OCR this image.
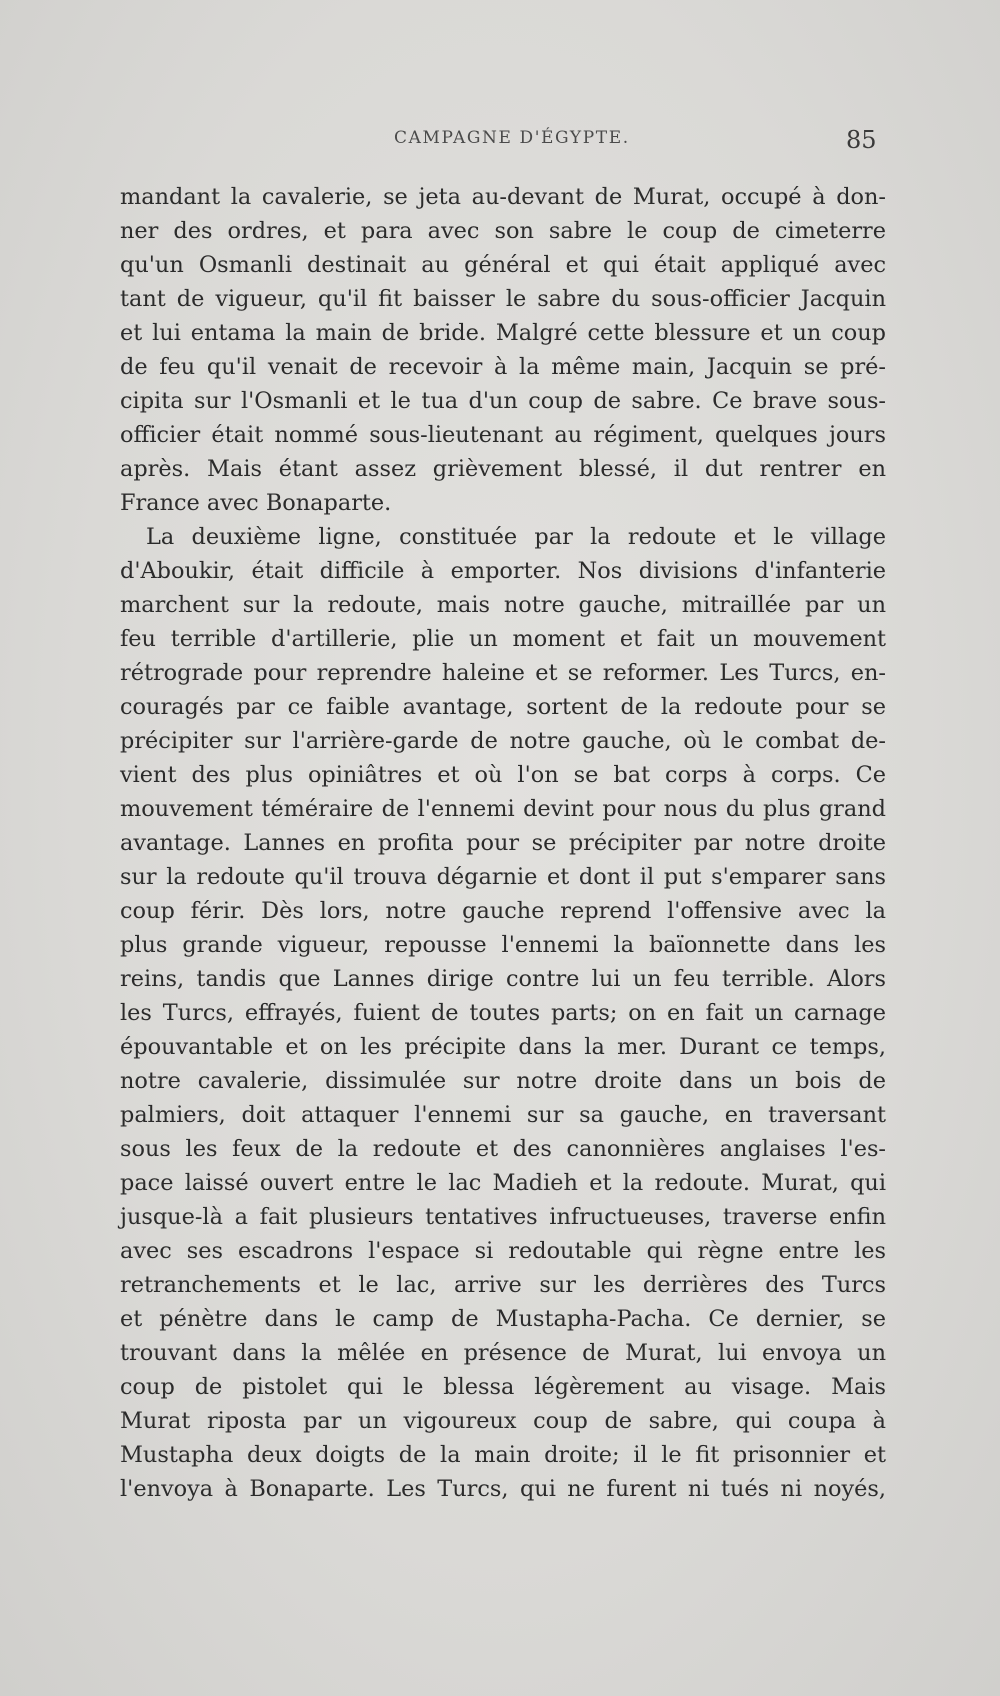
CAMPAGNE D'ÉGYPTE.	85
mandant la cavalerie, se jeta au-devant de Murat, occupé à don-
ner des ordres, et para avec son sabre le coup de cimeterre
qu'un Osmanli destinait au général et qui était appliqué avec
tant de vigueur, qu'il fit baisser le sabre du sous-officier Jacquin
et lui entama la main de bride. Malgré cette blessure et un coup
de feu qu'il venait de recevoir à la même main, Jacquin se pré-
cipita sur l'Osmanli et le tua d'un coup de sabre. Ce brave sous-
officier était nommé sous-lieutenant au régiment, quelques jours
après. Mais étant assez grièvement blessé, il dut rentrer en
France avec Bonaparte.
La deuxième ligne, constituée par la redoute et le village
d'Aboukir, était difficile à emporter. Nos divisions d'infanterie
marchent sur la redoute, mais notre gauche, mitraillée par un
feu terrible d'artillerie, plie un moment et fait un mouvement
rétrograde pour reprendre haleine et se reformer. Les Turcs, en-
couragés par ce faible avantage, sortent de la redoute pour se
précipiter sur l'arrière-garde de notre gauche, où le combat de-
vient des plus opiniâtres et où l'on se bat corps à corps. Ce
mouvement téméraire de l'ennemi devint pour nous du plus grand
avantage. Lannes en profita pour se précipiter par notre droite
sur la redoute qu'il trouva dégarnie et dont il put s'emparer sans
coup férir. Dès lors, notre gauche reprend l'offensive avec la
plus grande vigueur, repousse l'ennemi la baïonnette dans les
reins, tandis que Lannes dirige contre lui un feu terrible. Alors
les Turcs, effrayés, fuient de toutes parts; on en fait un carnage
épouvantable et on les précipite dans la mer. Durant ce temps,
notre cavalerie, dissimulée sur notre droite dans un bois de
palmiers, doit attaquer l'ennemi sur sa gauche, en traversant
sous les feux de la redoute et des canonnières anglaises l'es-
pace laissé ouvert entre le lac Madieh et la redoute. Murat, qui
jusque-là a fait plusieurs tentatives infructueuses, traverse enfin
avec ses escadrons l'espace si redoutable qui règne entre les
retranchements et le lac, arrive sur les derrières des Turcs
et pénètre dans le camp de Mustapha-Pacha. Ce dernier, se
trouvant dans la mêlée en présence de Murat, lui envoya un
coup de pistolet qui le blessa légèrement au visage. Mais
Murat riposta par un vigoureux coup de sabre, qui coupa à
Mustapha deux doigts de la main droite; il le fit prisonnier et
l'envoya à Bonaparte. Les Turcs, qui ne furent ni tués ni noyés,
